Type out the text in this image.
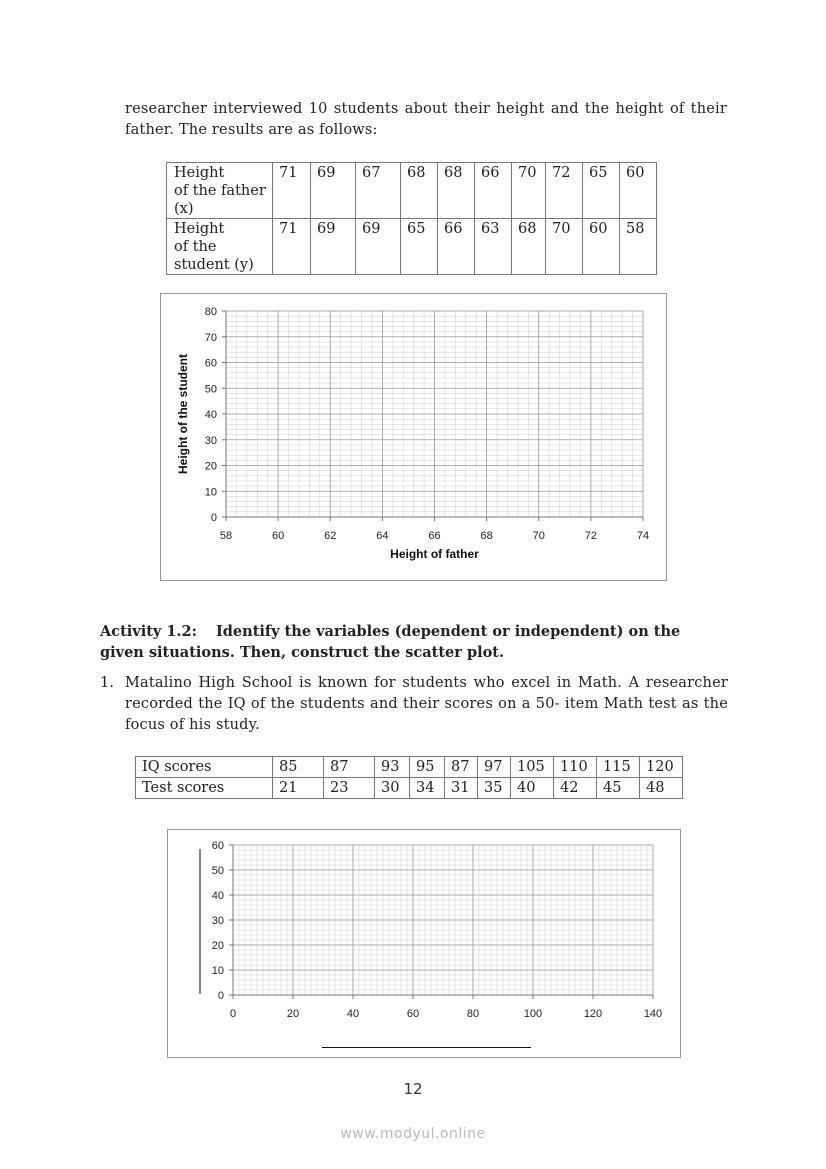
researcher interviewed 10 students about their height and the height of their father. The results are as follows:
Height
of the father
(x)	71	69	67	68	68	66	70	72	65	60

Height
of the
student (y)	71	69	69	65	66	63	68	70	60	58
58	60	62	64	66	68	70	72	74
0
10
20
30
40
50
60
70
80
Height of father
Height of the student
Activity 1.2: Identify the variables (dependent or independent) on the given situations. Then, construct the scatter plot.
1. Matalino High School is known for students who excel in Math. A researcher recorded the IQ of the students and their scores on a 50- item Math test as the focus of his study.
IQ scores	85	87	93	95	87	97	105	110	115	120
Test scores	21	23	30	34	31	35	40	42	45	48
0	20	40	60	80	100	120	140
0
10
20
30
40
50
60
12
www.modyul.online
